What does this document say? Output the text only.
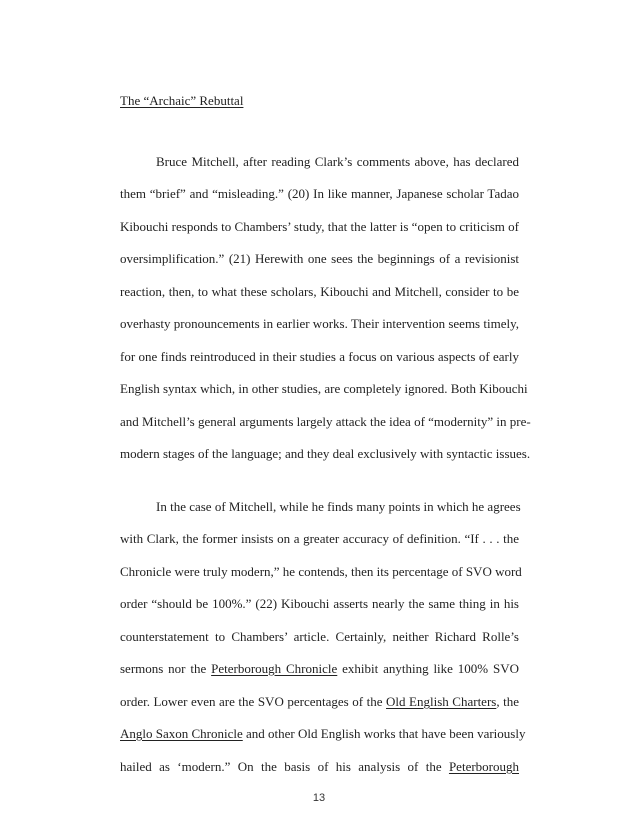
The “Archaic” Rebuttal
Bruce Mitchell, after reading Clark’s comments above, has declared
them “brief” and “misleading.” (20) In like manner, Japanese scholar Tadao
Kibouchi responds to Chambers’ study, that the latter is “open to criticism of
oversimplification.” (21) Herewith one sees the beginnings of a revisionist
reaction, then, to what these scholars, Kibouchi and Mitchell, consider to be
overhasty pronouncements in earlier works. Their intervention seems timely,
for one finds reintroduced in their studies a focus on various aspects of early
English syntax which, in other studies, are completely ignored. Both Kibouchi
and Mitchell’s general arguments largely attack the idea of “modernity” in pre-
modern stages of the language; and they deal exclusively with syntactic issues.
In the case of Mitchell, while he finds many points in which he agrees
with Clark, the former insists on a greater accuracy of definition. “If . . . the
Chronicle were truly modern,” he contends, then its percentage of SVO word
order “should be 100%.” (22) Kibouchi asserts nearly the same thing in his
counterstatement to Chambers’ article. Certainly, neither Richard Rolle’s
sermons nor the Peterborough Chronicle exhibit anything like 100% SVO
order. Lower even are the SVO percentages of the Old English Charters, the
Anglo Saxon Chronicle and other Old English works that have been variously
13
hailed as ‘modern.” On the basis of his analysis of the Peterborough
